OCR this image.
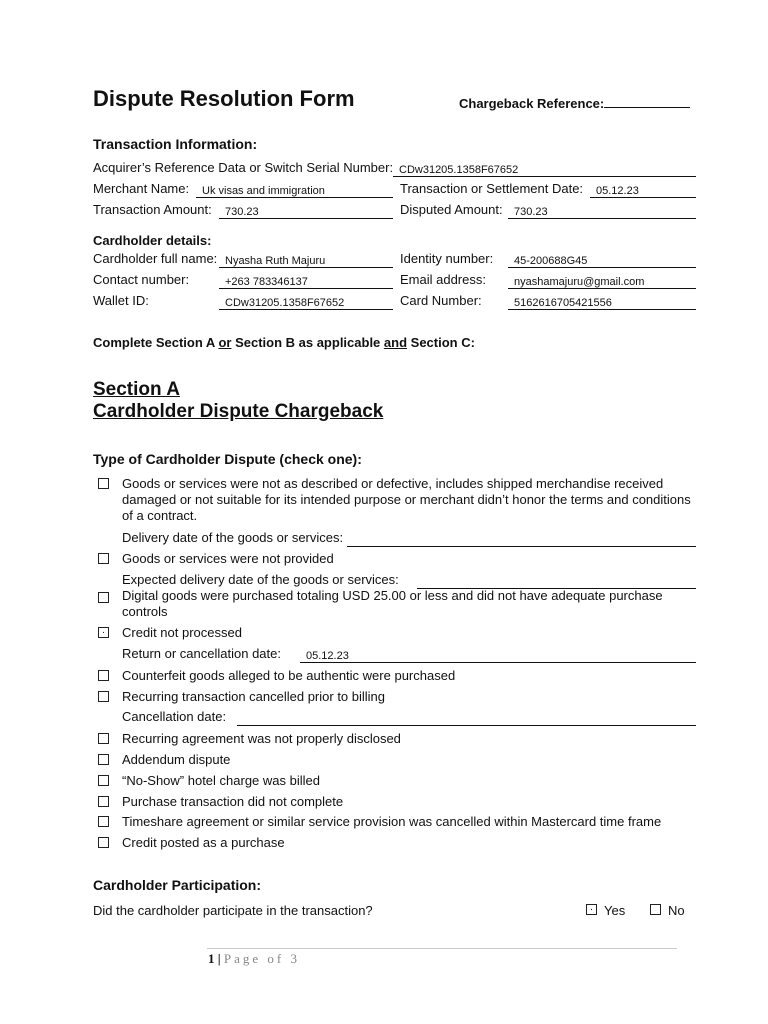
Dispute Resolution Form	Chargeback Reference:
Transaction Information:
Acquirer’s Reference Data or Switch Serial Number: CDw31205.1358F67652
Merchant Name:	Uk visas and immigration	Transaction or Settlement Date:	05.12.23
Transaction Amount:	730.23	Disputed Amount:	730.23
Cardholder details:
Cardholder full name: Nyasha Ruth Majuru	Identity number:	45-200688G45
Contact number:	+263 783346137	Email address:	nyashamajuru@gmail.com
Wallet ID:	CDw31205.1358F67652	Card Number:	5162616705421556
Complete Section A or Section B as applicable and Section C:
Section A
Cardholder Dispute Chargeback
Type of Cardholder Dispute (check one):
Goods or services were not as described or defective, includes shipped merchandise received damaged or not suitable for its intended purpose or merchant didn’t honor the terms and conditions of a contract.
Delivery date of the goods or services:
Goods or services were not provided
Expected delivery date of the goods or services:
Digital goods were purchased totaling USD 25.00 or less and did not have adequate purchase controls
· Credit not processed
Return or cancellation date:	05.12.23
Counterfeit goods alleged to be authentic were purchased
Recurring transaction cancelled prior to billing
Cancellation date:
Recurring agreement was not properly disclosed
Addendum dispute
“No-Show” hotel charge was billed
Purchase transaction did not complete
Timeshare agreement or similar service provision was cancelled within Mastercard time frame
Credit posted as a purchase
Cardholder Participation:
Did the cardholder participate in the transaction?	· Yes	No
1 | Page of 3
